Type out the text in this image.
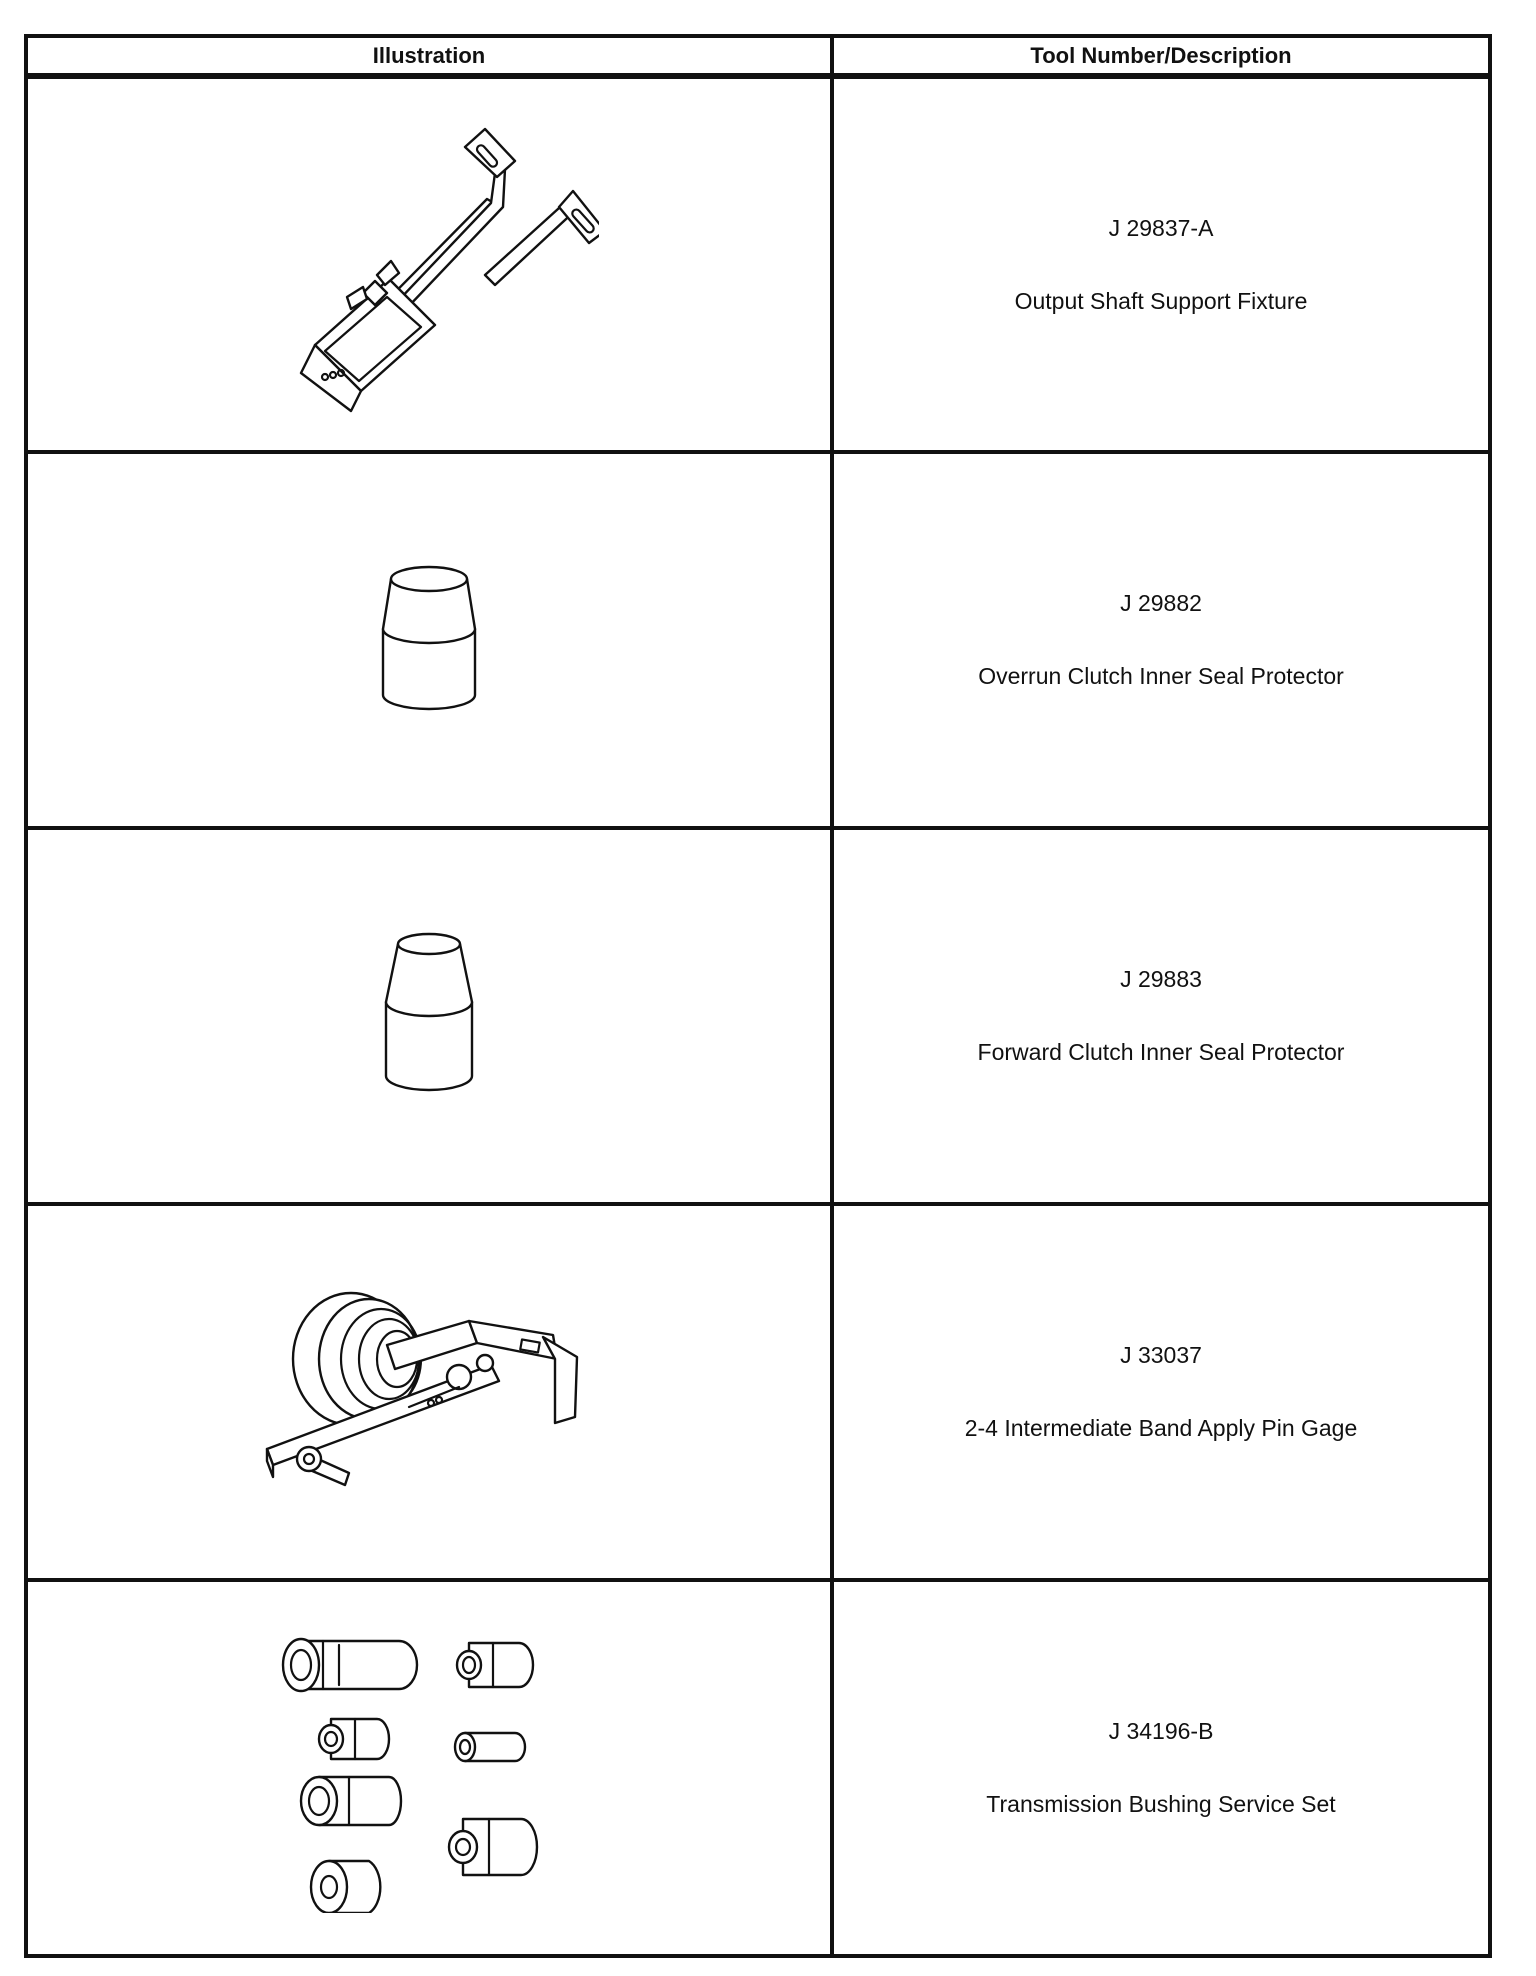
Illustration	Tool Number/Description

J 29837-A
Output Shaft Support Fixture

J 29882
Overrun Clutch Inner Seal Protector

J 29883
Forward Clutch Inner Seal Protector

J 33037
2-4 Intermediate Band Apply Pin Gage

J 34196-B
Transmission Bushing Service Set
